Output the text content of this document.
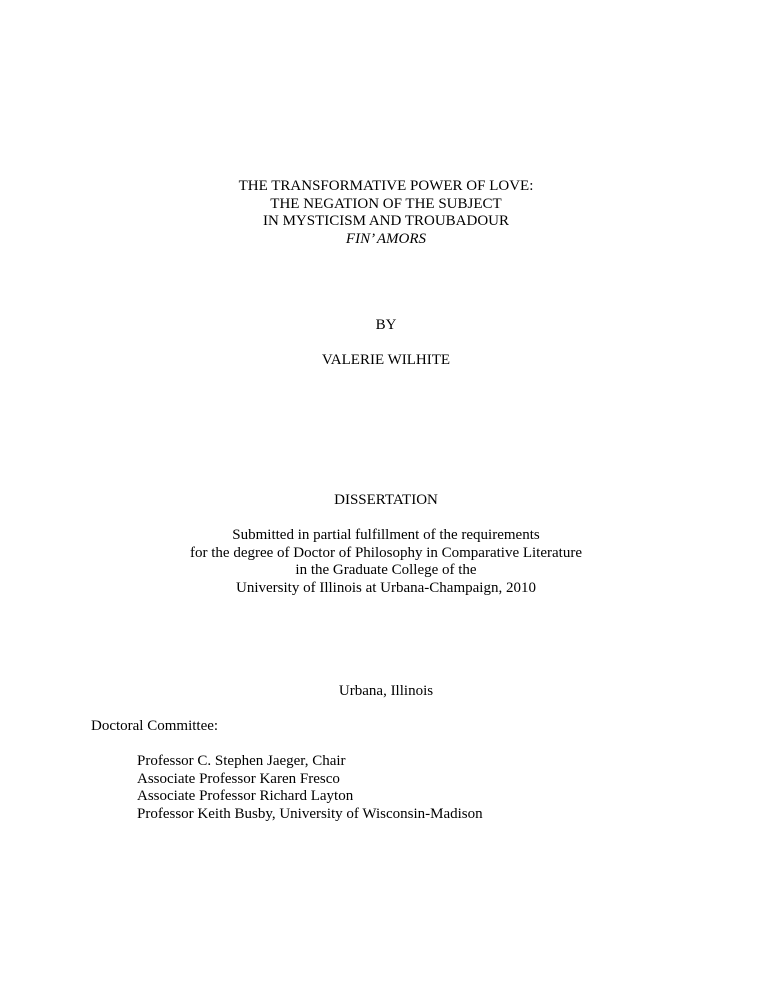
THE TRANSFORMATIVE POWER OF LOVE:
THE NEGATION OF THE SUBJECT
IN MYSTICISM AND TROUBADOUR
FIN’ AMORS
BY
VALERIE WILHITE
DISSERTATION
Submitted in partial fulfillment of the requirements
for the degree of Doctor of Philosophy in Comparative Literature
in the Graduate College of the
University of Illinois at Urbana-Champaign, 2010
Urbana, Illinois
Doctoral Committee:
Professor C. Stephen Jaeger, Chair
Associate Professor Karen Fresco
Associate Professor Richard Layton
Professor Keith Busby, University of Wisconsin-Madison
